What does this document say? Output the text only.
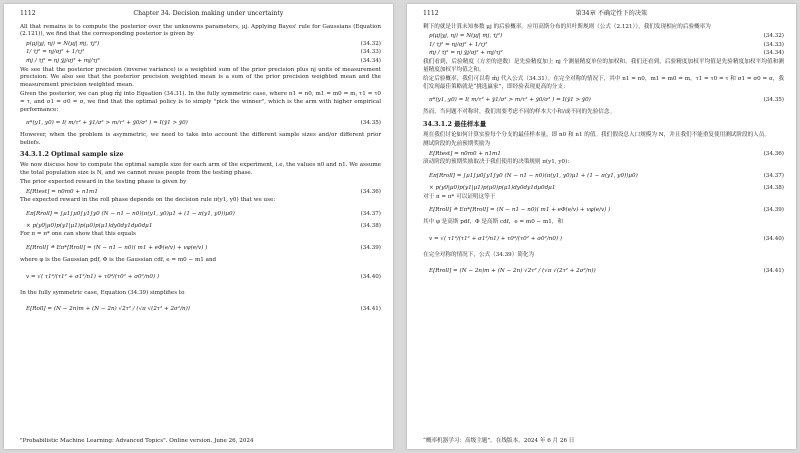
1112	Chapter 34. Decision making under uncertainty

All that remains is to compute the posterior over the unknowns parameters, μj. Applying Bayes' rule for Gaussians (Equation (2.121)), we find that the corresponding posterior is given by

p(μj|yj, nj) = N(μj| m̂j, τ̂j²)	(34.32)
1/ τ̂j² = nj/σj² + 1/τj²	(34.33)
m̂j / τ̂j² = nj ȳj/σj² + mj/τj²	(34.34)

We see that the posterior precision (inverse variance) is a weighted sum of the prior precision plus nj units of measurement precision. We also see that the posterior precision weighted mean is a sum of the prior precision weighted mean and the measurement precision weighted mean.

Given the posterior, we can plug m̂j into Equation (34.31). In the fully symmetric case, where n1 = n0, m1 = m0 = m, τ1 = τ0 = τ, and σ1 = σ0 = σ, we find that the optimal policy is to simply "pick the winner", which is the arm with higher empirical performance:

π*(y1, y0) = I( m/τ² + ȳ1/σ² > m/τ² + ȳ0/σ² ) = I(ȳ1 > ȳ0)	(34.35)

However, when the problem is asymmetric, we need to take into account the different sample sizes and/or different prior beliefs.

34.3.1.2 Optimal sample size

We now discuss how to compute the optimal sample size for each arm of the experiment, i.e, the values n0 and n1. We assume the total population size is N, and we cannot reuse people from the testing phase.

The prior expected reward in the testing phase is given by

E[Rtest] = n0m0 + n1m1	(34.36)

The expected reward in the roll phase depends on the decision rule π(y1, y0) that we use:

Eπ[Rroll] = ∫μ1∫μ0∫y1∫y0 (N − n1 − n0)(π(y1, y0)μ1 + (1 − π(y1, y0))μ0)	(34.37)
× p(y0|μ0)p(y1|μ1)p(μ0)p(μ1)dy0dy1dμ0dμ1	(34.38)

For π = π* one can show that this equals

E[Rroll] ≜ Eπ*[Rroll] = (N − n1 − n0)( m1 + eΦ(e/v) + vφ(e/v) )	(34.39)

where φ is the Gaussian pdf, Φ is the Gaussian cdf, e = m0 − m1 and

v = √( τ1⁴/(τ1² + σ1²/n1) + τ0⁴/(τ0² + σ0²/n0) )	(34.40)

In the fully symmetric case, Equation (34.39) simplifies to

E[Roll] = (N − 2n)m + (N − 2n) √2τ² / (√π √(2τ² + 2σ²/n))	(34.41)
"Probabilistic Machine Learning: Advanced Topics". Online version. June 26, 2024
1112	第34章 不确定性下的决策

剩下的就是计算未知参数 μj 的后验概率。应用高斯分布的贝叶斯规则（公式（2.121）），我们发现相应的后验概率为

p(μj|yj, nj) = N(μj| m̂j, τ̂j²)	(34.32)
1/ τ̂j² = nj/σj² + 1/τj²	(34.33)
m̂j / τ̂j² = nj ȳj/σj² + mj/τj²	(34.34)

我们看到，后验精度（方差的逆数）是先验精度加上 nj 个测量精度单位的加权和。我们还看到，后验精度加权平均值是先验精度加权平均值和测量精度加权平均值之和。

给定后验概率，我们可以将 m̂j 代入公式（34.31）。在完全对称的情况下，其中 n1 = n0，m1 = m0 = m，τ1 = τ0 = τ 和 σ1 = σ0 = σ，我们发现最佳策略就是“挑选赢家”，即经验表现更高的分支：

π*(y1, y0) = I( m/τ² + ȳ1/σ² > m/τ² + ȳ0/σ² ) = I(ȳ1 > ȳ0)	(34.35)

然而，当问题不对称时，我们需要考虑不同的样本大小和/或不同的先验信念。

34.3.1.2 最佳样本量

现在我们讨论如何计算实验每个分支的最佳样本量，即 n0 和 n1 的值。我们假设总人口规模为 N，并且我们不能重复使用测试阶段的人员。

测试阶段的先前预期奖励为

E[Rtest] = n0m0 + n1m1	(34.36)

滚动阶段的预期奖励取决于我们使用的决策规则 π(y1, y0)：

Eπ[Rroll] = ∫μ1∫μ0∫y1∫y0 (N − n1 − n0)(π(y1, y0)μ1 + (1 − π(y1, y0))μ0)	(34.37)
× p(y0|μ0)p(y1|μ1)p(μ0)p(μ1)dy0dy1dμ0dμ1	(34.38)

对于 π = π* 可以证明这等于

E[Rroll] ≜ Eπ*[Rroll] = (N − n1 − n0)( m1 + eΦ(e/v) + vφ(e/v) )	(34.39)

其中 φ 是高斯 pdf，Φ 是高斯 cdf，e = m0 − m1，和

v = √( τ1⁴/(τ1² + σ1²/n1) + τ0⁴/(τ0² + σ0²/n0) )	(34.40)

在完全对称的情况下，公式（34.39）简化为

E[Rroll] = (N − 2n)m + (N − 2n) √2τ² / (√π √(2τ² + 2σ²/n))	(34.41)
“概率机器学习：高级主题”。在线版本。2024 年 6 月 26 日
